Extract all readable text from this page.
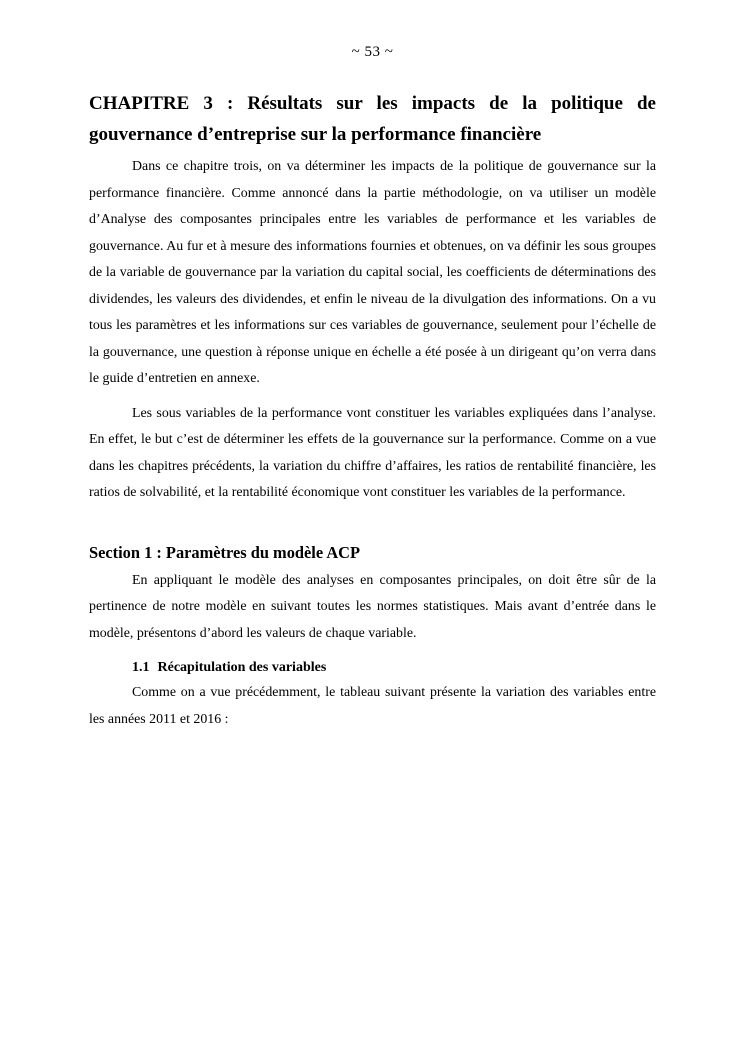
~ 53 ~
CHAPITRE 3 : Résultats sur les impacts de la politique de gouvernance d’entreprise sur la performance financière

Dans ce chapitre trois, on va déterminer les impacts de la politique de gouvernance sur la performance financière. Comme annoncé dans la partie méthodologie, on va utiliser un modèle d’Analyse des composantes principales entre les variables de performance et les variables de gouvernance. Au fur et à mesure des informations fournies et obtenues, on va définir les sous groupes de la variable de gouvernance par la variation du capital social, les coefficients de déterminations des dividendes, les valeurs des dividendes, et enfin le niveau de la divulgation des informations. On a vu tous les paramètres et les informations sur ces variables de gouvernance, seulement pour l’échelle de la gouvernance, une question à réponse unique en échelle a été posée à un dirigeant qu’on verra dans le guide d’entretien en annexe.

Les sous variables de la performance vont constituer les variables expliquées dans l’analyse. En effet, le but c’est de déterminer les effets de la gouvernance sur la performance. Comme on a vue dans les chapitres précédents, la variation du chiffre d’affaires, les ratios de rentabilité financière, les ratios de solvabilité, et la rentabilité économique vont constituer les variables de la performance.

Section 1 : Paramètres du modèle ACP

En appliquant le modèle des analyses en composantes principales, on doit être sûr de la pertinence de notre modèle en suivant toutes les normes statistiques. Mais avant d’entrée dans le modèle, présentons d’abord les valeurs de chaque variable.

1.1 Récapitulation des variables

Comme on a vue précédemment, le tableau suivant présente la variation des variables entre les années 2011 et 2016 :
